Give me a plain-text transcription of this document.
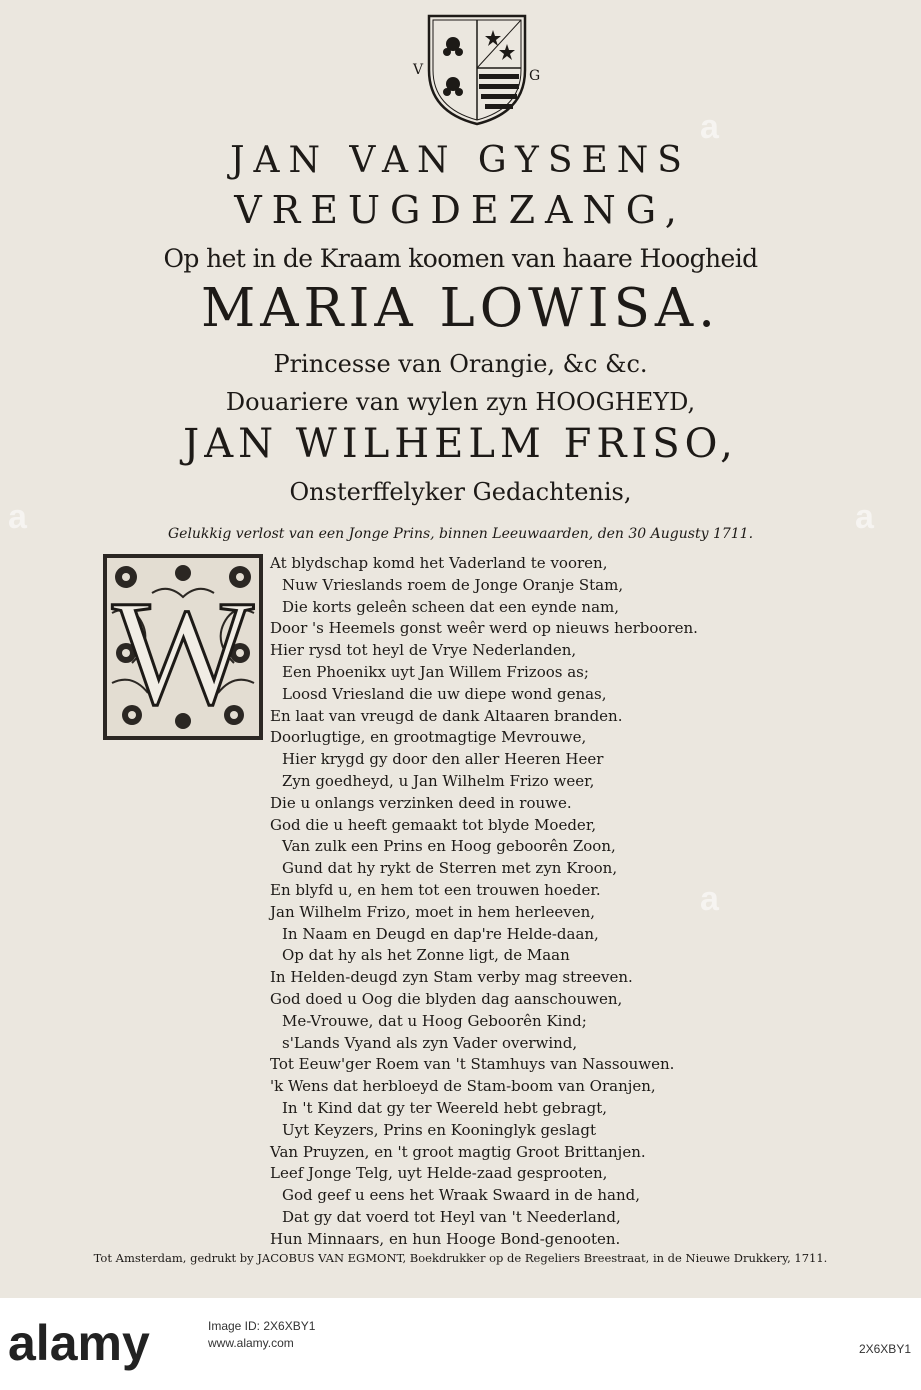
V	G
JAN VAN GYSENS
VREUGDEZANG,
Op het in de Kraam koomen van haare Hoogheid
MARIA LOWISA.
Princesse van Orangie, &c &c.
Douariere van wylen zyn HOOGHEYD,
JAN WILHELM FRISO,
Onsterffelyker Gedachtenis,
Gelukkig verlost van een Jonge Prins, binnen Leeuwaarden, den 30 Augusty 1711.
W
At blydschap komd het Vaderland te vooren,
Nuw Vrieslands roem de Jonge Oranje Stam,
Die korts geleên scheen dat een eynde nam,
Door 's Heemels gonst weêr werd op nieuws herbooren.
Hier rysd tot heyl de Vrye Nederlanden,
Een Phoenikx uyt Jan Willem Frizoos as;
Loosd Vriesland die uw diepe wond genas,
En laat van vreugd de dank Altaaren branden.
Doorlugtige, en grootmagtige Mevrouwe,
Hier krygd gy door den aller Heeren Heer
Zyn goedheyd, u Jan Wilhelm Frizo weer,
Die u onlangs verzinken deed in rouwe.
God die u heeft gemaakt tot blyde Moeder,
Van zulk een Prins en Hoog geboorên Zoon,
Gund dat hy rykt de Sterren met zyn Kroon,
En blyfd u, en hem tot een trouwen hoeder.
Jan Wilhelm Frizo, moet in hem herleeven,
In Naam en Deugd en dap're Helde-daan,
Op dat hy als het Zonne ligt, de Maan
In Helden-deugd zyn Stam verby mag streeven.
God doed u Oog die blyden dag aanschouwen,
Me-Vrouwe, dat u Hoog Geboorên Kind;
s'Lands Vyand als zyn Vader overwind,
Tot Eeuw'ger Roem van 't Stamhuys van Nassouwen.
'k Wens dat herbloeyd de Stam-boom van Oranjen,
In 't Kind dat gy ter Weereld hebt gebragt,
Uyt Keyzers, Prins en Kooninglyk geslagt
Van Pruyzen, en 't groot magtig Groot Brittanjen.
Leef Jonge Telg, uyt Helde-zaad gesprooten,
God geef u eens het Wraak Swaard in de hand,
Dat gy dat voerd tot Heyl van 't Neederland,
Hun Minnaars, en hun Hooge Bond-genooten.
Tot Amsterdam, gedrukt by JACOBUS VAN EGMONT, Boekdrukker op de Regeliers Breestraat, in de Nieuwe Drukkery, 1711.
a
a	a
a
alamy	Image ID: 2X6XBY1
www.alamy.com	2X6XBY1
